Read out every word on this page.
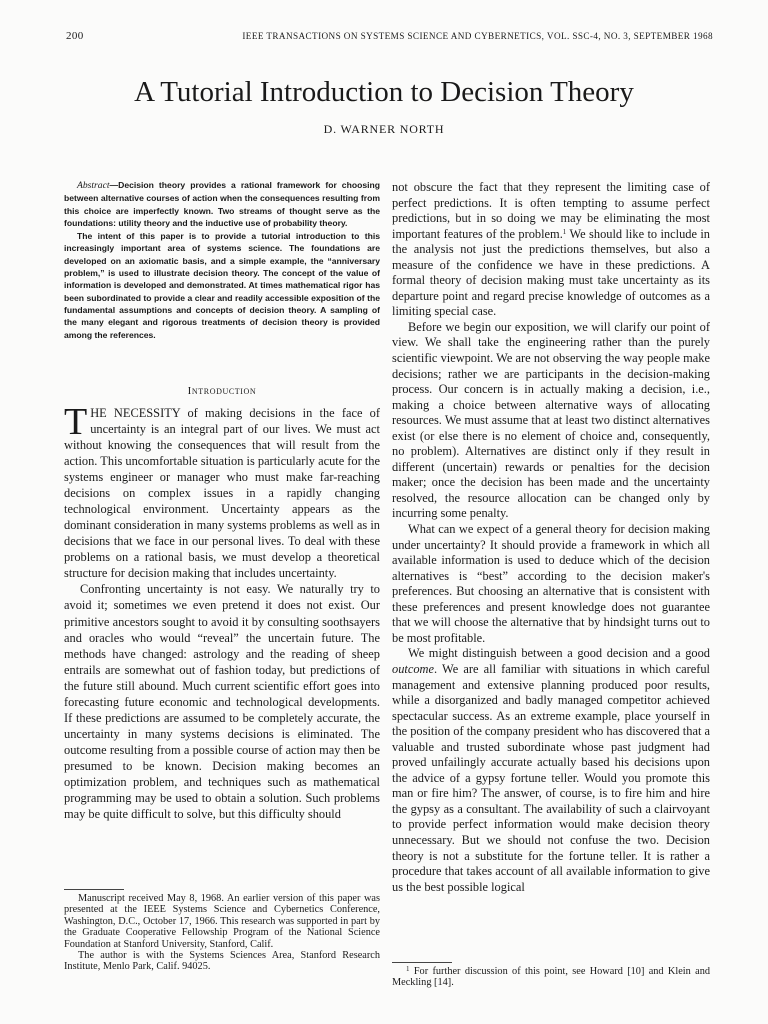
200	IEEE TRANSACTIONS ON SYSTEMS SCIENCE AND CYBERNETICS, VOL. SSC-4, NO. 3, SEPTEMBER 1968
A Tutorial Introduction to Decision Theory
D. WARNER NORTH

Abstract—Decision theory provides a rational framework for choosing between alternative courses of action when the consequences resulting from this choice are imperfectly known. Two streams of thought serve as the foundations: utility theory and the inductive use of probability theory.

The intent of this paper is to provide a tutorial introduction to this increasingly important area of systems science. The foundations are developed on an axiomatic basis, and a simple example, the “anniversary problem,” is used to illustrate decision theory. The concept of the value of information is developed and demonstrated. At times mathematical rigor has been subordinated to provide a clear and readily accessible exposition of the fundamental assumptions and concepts of decision theory. A sampling of the many elegant and rigorous treatments of decision theory is provided among the references.

Introduction

THE NECESSITY of making decisions in the face of uncertainty is an integral part of our lives. We must act without knowing the consequences that will result from the action. This uncomfortable situation is particularly acute for the systems engineer or manager who must make far-reaching decisions on complex issues in a rapidly changing technological environment. Uncertainty appears as the dominant consideration in many systems problems as well as in decisions that we face in our personal lives. To deal with these problems on a rational basis, we must develop a theoretical structure for decision making that includes uncertainty.

Confronting uncertainty is not easy. We naturally try to avoid it; sometimes we even pretend it does not exist. Our primitive ancestors sought to avoid it by consulting soothsayers and oracles who would “reveal” the uncertain future. The methods have changed: astrology and the reading of sheep entrails are somewhat out of fashion today, but predictions of the future still abound. Much current scientific effort goes into forecasting future economic and technological developments. If these predictions are assumed to be completely accurate, the uncertainty in many systems decisions is eliminated. The outcome resulting from a possible course of action may then be presumed to be known. Decision making becomes an optimization problem, and techniques such as mathematical programming may be used to obtain a solution. Such problems may be quite difficult to solve, but this difficulty should

Manuscript received May 8, 1968. An earlier version of this paper was presented at the IEEE Systems Science and Cybernetics Conference, Washington, D.C., October 17, 1966. This research was supported in part by the Graduate Cooperative Fellowship Program of the National Science Foundation at Stanford University, Stanford, Calif.

The author is with the Systems Sciences Area, Stanford Research Institute, Menlo Park, Calif. 94025.

not obscure the fact that they represent the limiting case of perfect predictions. It is often tempting to assume perfect predictions, but in so doing we may be eliminating the most important features of the problem.$^1$ We should like to include in the analysis not just the predictions themselves, but also a measure of the confidence we have in these predictions. A formal theory of decision making must take uncertainty as its departure point and regard precise knowledge of outcomes as a limiting special case.

Before we begin our exposition, we will clarify our point of view. We shall take the engineering rather than the purely scientific viewpoint. We are not observing the way people make decisions; rather we are participants in the decision-making process. Our concern is in actually making a decision, i.e., making a choice between alternative ways of allocating resources. We must assume that at least two distinct alternatives exist (or else there is no element of choice and, consequently, no problem). Alternatives are distinct only if they result in different (uncertain) rewards or penalties for the decision maker; once the decision has been made and the uncertainty resolved, the resource allocation can be changed only by incurring some penalty.

What can we expect of a general theory for decision making under uncertainty? It should provide a framework in which all available information is used to deduce which of the decision alternatives is “best” according to the decision maker's preferences. But choosing an alternative that is consistent with these preferences and present knowledge does not guarantee that we will choose the alternative that by hindsight turns out to be most profitable.

We might distinguish between a good decision and a good outcome. We are all familiar with situations in which careful management and extensive planning produced poor results, while a disorganized and badly managed competitor achieved spectacular success. As an extreme example, place yourself in the position of the company president who has discovered that a valuable and trusted subordinate whose past judgment had proved unfailingly accurate actually based his decisions upon the advice of a gypsy fortune teller. Would you promote this man or fire him? The answer, of course, is to fire him and hire the gypsy as a consultant. The availability of such a clairvoyant to provide perfect information would make decision theory unnecessary. But we should not confuse the two. Decision theory is not a substitute for the fortune teller. It is rather a procedure that takes account of all available information to give us the best possible logical

$^1$ For further discussion of this point, see Howard [10] and Klein and Meckling [14].
